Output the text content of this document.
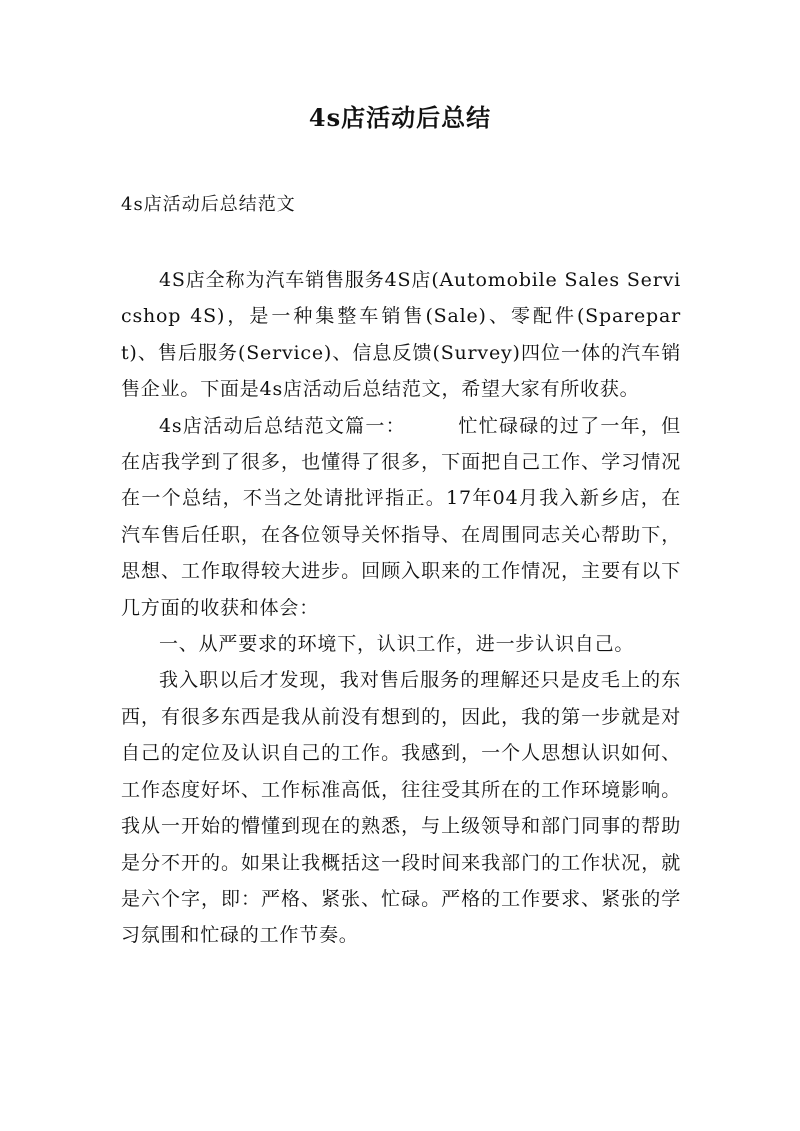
4s店活动后总结
4s店活动后总结范文

4S店全称为汽车销售服务4S店(Automobile Sales Servicshop 4S)，是一种集整车销售(Sale)、零配件(Sparepart)、售后服务(Service)、信息反馈(Survey)四位一体的汽车销售企业。下面是4s店活动后总结范文，希望大家有所收获。

4s店活动后总结范文篇一：	忙忙碌碌的过了一年，但在店我学到了很多，也懂得了很多，下面把自己工作、学习情况在一个总结，不当之处请批评指正。17年04月我入新乡店，在汽车售后任职，在各位领导关怀指导、在周围同志关心帮助下，思想、工作取得较大进步。回顾入职来的工作情况，主要有以下几方面的收获和体会：

一、从严要求的环境下，认识工作，进一步认识自己。

我入职以后才发现，我对售后服务的理解还只是皮毛上的东西，有很多东西是我从前没有想到的，因此，我的第一步就是对自己的定位及认识自己的工作。我感到，一个人思想认识如何、工作态度好坏、工作标准高低，往往受其所在的工作环境影响。我从一开始的懵懂到现在的熟悉，与上级领导和部门同事的帮助是分不开的。如果让我概括这一段时间来我部门的工作状况，就是六个字，即：严格、紧张、忙碌。严格的工作要求、紧张的学习氛围和忙碌的工作节奏。
